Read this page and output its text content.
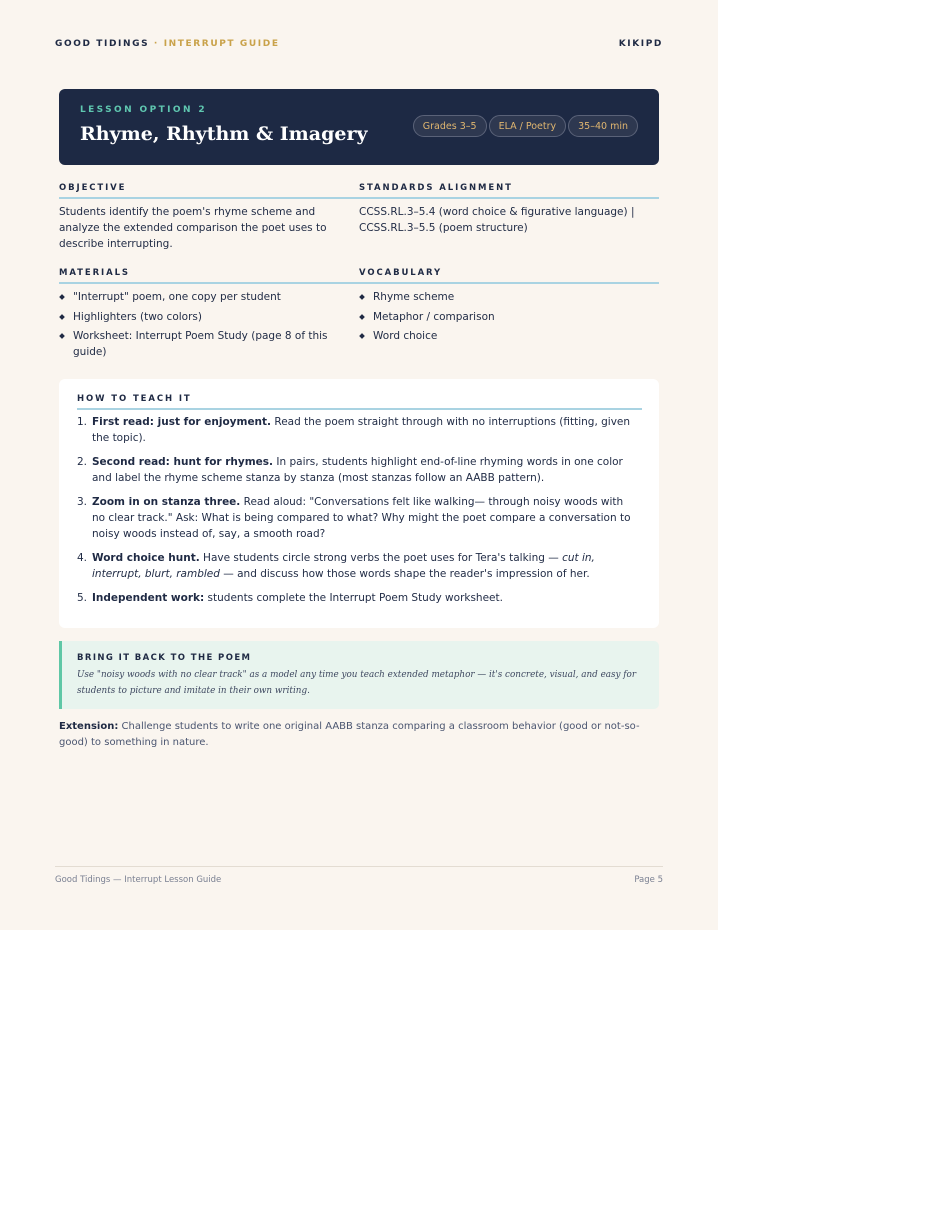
GOOD TIDINGS · INTERRUPT GUIDE	KIKIPD
LESSON OPTION 2
Rhyme, Rhythm & Imagery	Grades 3–5	ELA / Poetry	35–40 min
OBJECTIVE
Students identify the poem's rhyme scheme and analyze the extended comparison the poet uses to describe interrupting.
STANDARDS ALIGNMENT
CCSS.RL.3–5.4 (word choice & figurative language) | CCSS.RL.3–5.5 (poem structure)
MATERIALS
"Interrupt" poem, one copy per student
Highlighters (two colors)
Worksheet: Interrupt Poem Study (page 8 of this guide)
VOCABULARY
Rhyme scheme
Metaphor / comparison
Word choice
HOW TO TEACH IT
1. First read: just for enjoyment. Read the poem straight through with no interruptions (fitting, given the topic).
2. Second read: hunt for rhymes. In pairs, students highlight end-of-line rhyming words in one color and label the rhyme scheme stanza by stanza (most stanzas follow an AABB pattern).
3. Zoom in on stanza three. Read aloud: "Conversations felt like walking— through noisy woods with no clear track." Ask: What is being compared to what? Why might the poet compare a conversation to noisy woods instead of, say, a smooth road?
4. Word choice hunt. Have students circle strong verbs the poet uses for Tera's talking — cut in, interrupt, blurt, rambled — and discuss how those words shape the reader's impression of her.
5. Independent work: students complete the Interrupt Poem Study worksheet.
BRING IT BACK TO THE POEM
Use "noisy woods with no clear track" as a model any time you teach extended metaphor — it's concrete, visual, and easy for students to picture and imitate in their own writing.
Extension: Challenge students to write one original AABB stanza comparing a classroom behavior (good or not-so-good) to something in nature.
Good Tidings — Interrupt Lesson Guide	Page 5
